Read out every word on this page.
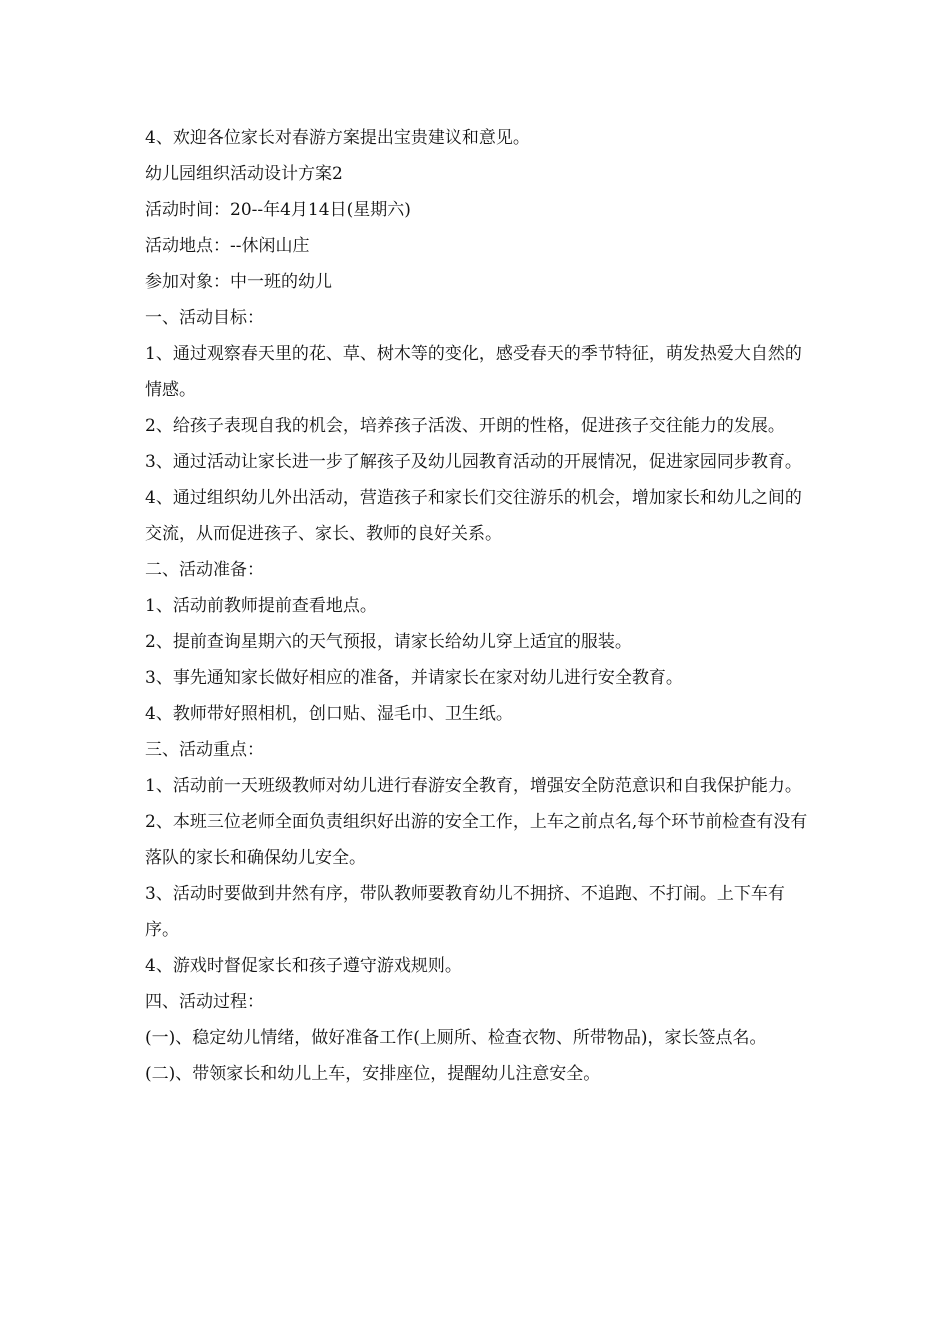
4、欢迎各位家长对春游方案提出宝贵建议和意见。

幼儿园组织活动设计方案2

活动时间：20--年4月14日(星期六)

活动地点：--休闲山庄

参加对象：中一班的幼儿

一、活动目标：

1、通过观察春天里的花、草、树木等的变化，感受春天的季节特征，萌发热爱大自然的情感。

2、给孩子表现自我的机会，培养孩子活泼、开朗的性格，促进孩子交往能力的发展。

3、通过活动让家长进一步了解孩子及幼儿园教育活动的开展情况，促进家园同步教育。

4、通过组织幼儿外出活动，营造孩子和家长们交往游乐的机会，增加家长和幼儿之间的交流，从而促进孩子、家长、教师的良好关系。

二、活动准备：

1、活动前教师提前查看地点。

2、提前查询星期六的天气预报，请家长给幼儿穿上适宜的服装。

3、事先通知家长做好相应的准备，并请家长在家对幼儿进行安全教育。

4、教师带好照相机，创口贴、湿毛巾、卫生纸。

三、活动重点：

1、活动前一天班级教师对幼儿进行春游安全教育，增强安全防范意识和自我保护能力。

2、本班三位老师全面负责组织好出游的安全工作，上车之前点名,每个环节前检查有没有落队的家长和确保幼儿安全。

3、活动时要做到井然有序，带队教师要教育幼儿不拥挤、不追跑、不打闹。上下车有序。

4、游戏时督促家长和孩子遵守游戏规则。

四、活动过程：

(一)、稳定幼儿情绪，做好准备工作(上厕所、检查衣物、所带物品)，家长签点名。

(二)、带领家长和幼儿上车，安排座位，提醒幼儿注意安全。
